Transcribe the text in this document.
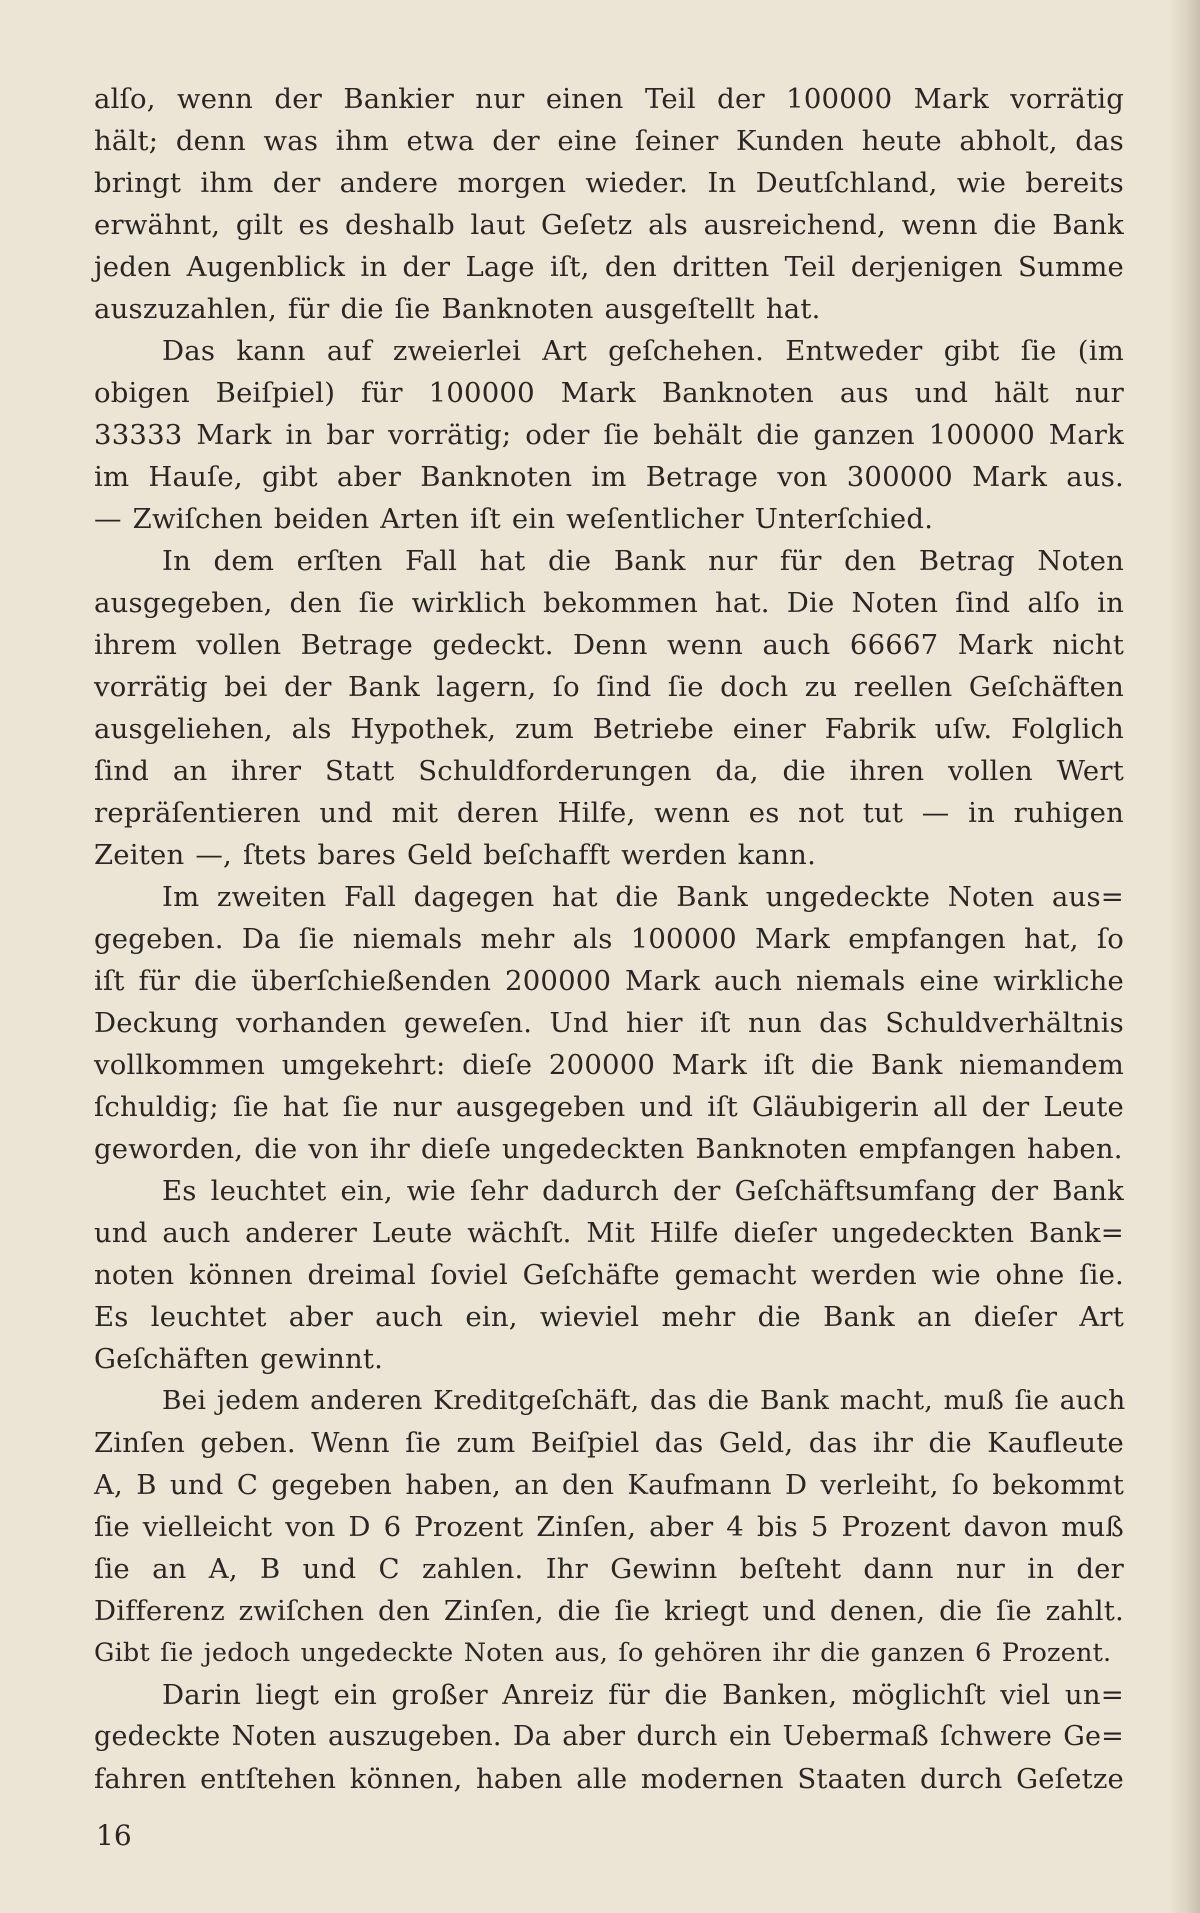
alſo, wenn der Bankier nur einen Teil der 100000 Mark vorrätig
hält; denn was ihm etwa der eine ſeiner Kunden heute abholt, das
bringt ihm der andere morgen wieder. In Deutſchland, wie bereits
erwähnt, gilt es deshalb laut Geſetz als ausreichend, wenn die Bank
jeden Augenblick in der Lage iſt, den dritten Teil derjenigen Summe
auszuzahlen, für die ſie Banknoten ausgeſtellt hat.
Das kann auf zweierlei Art geſchehen. Entweder gibt ſie (im
obigen Beiſpiel) für 100000 Mark Banknoten aus und hält nur
33333 Mark in bar vorrätig; oder ſie behält die ganzen 100000 Mark
im Hauſe, gibt aber Banknoten im Betrage von 300000 Mark aus.
— Zwiſchen beiden Arten iſt ein weſentlicher Unterſchied.
In dem erſten Fall hat die Bank nur für den Betrag Noten
ausgegeben, den ſie wirklich bekommen hat. Die Noten ſind alſo in
ihrem vollen Betrage gedeckt. Denn wenn auch 66667 Mark nicht
vorrätig bei der Bank lagern, ſo ſind ſie doch zu reellen Geſchäften
ausgeliehen, als Hypothek, zum Betriebe einer Fabrik uſw. Folglich
ſind an ihrer Statt Schuldforderungen da, die ihren vollen Wert
repräſentieren und mit deren Hilfe, wenn es not tut — in ruhigen
Zeiten —, ſtets bares Geld beſchafft werden kann.
Im zweiten Fall dagegen hat die Bank ungedeckte Noten aus=
gegeben. Da ſie niemals mehr als 100000 Mark empfangen hat, ſo
iſt für die überſchießenden 200000 Mark auch niemals eine wirkliche
Deckung vorhanden geweſen. Und hier iſt nun das Schuldverhältnis
vollkommen umgekehrt: dieſe 200000 Mark iſt die Bank niemandem
ſchuldig; ſie hat ſie nur ausgegeben und iſt Gläubigerin all der Leute
geworden, die von ihr dieſe ungedeckten Banknoten empfangen haben.
Es leuchtet ein, wie ſehr dadurch der Geſchäftsumfang der Bank
und auch anderer Leute wächſt. Mit Hilfe dieſer ungedeckten Bank=
noten können dreimal ſoviel Geſchäfte gemacht werden wie ohne ſie.
Es leuchtet aber auch ein, wieviel mehr die Bank an dieſer Art
Geſchäften gewinnt.
Bei jedem anderen Kreditgeſchäft, das die Bank macht, muß ſie auch
Zinſen geben. Wenn ſie zum Beiſpiel das Geld, das ihr die Kaufleute
A, B und C gegeben haben, an den Kaufmann D verleiht, ſo bekommt
ſie vielleicht von D 6 Prozent Zinſen, aber 4 bis 5 Prozent davon muß
ſie an A, B und C zahlen. Ihr Gewinn beſteht dann nur in der
Differenz zwiſchen den Zinſen, die ſie kriegt und denen, die ſie zahlt.
Gibt ſie jedoch ungedeckte Noten aus, ſo gehören ihr die ganzen 6 Prozent.
Darin liegt ein großer Anreiz für die Banken, möglichſt viel un=
gedeckte Noten auszugeben. Da aber durch ein Uebermaß ſchwere Ge=
fahren entſtehen können, haben alle modernen Staaten durch Geſetze
16
